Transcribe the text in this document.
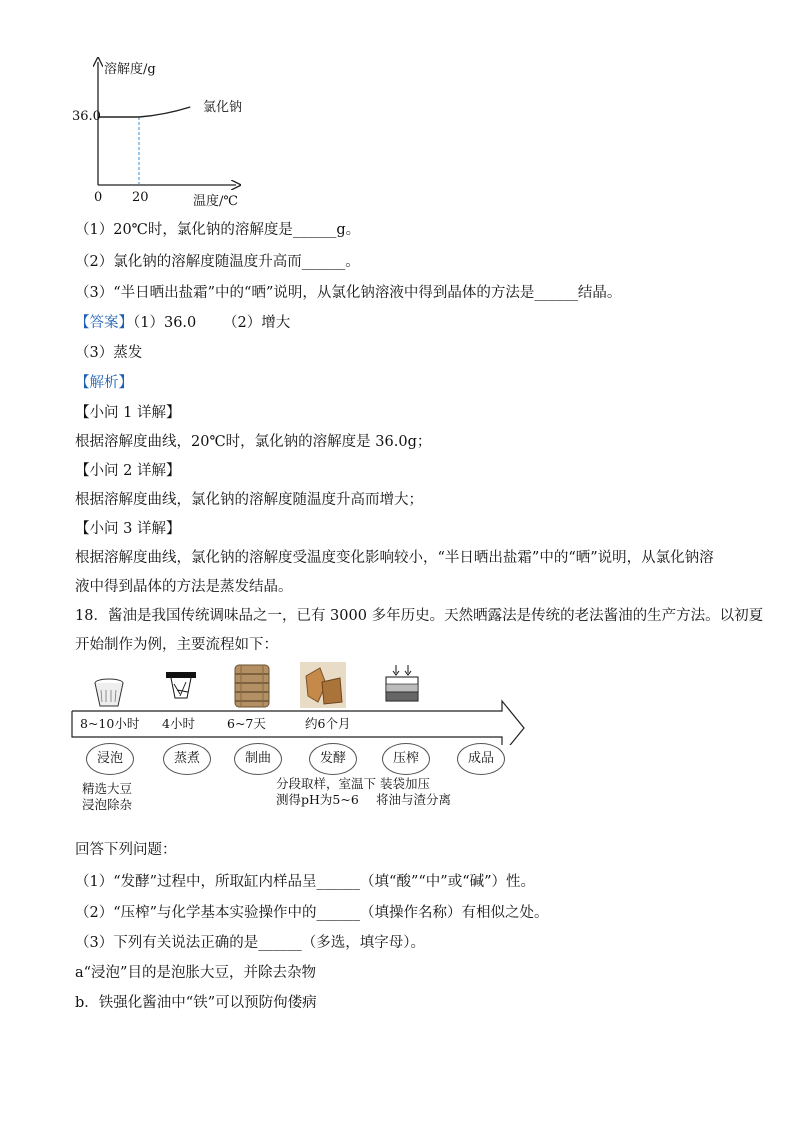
溶解度/g
36.0
氯化钠
0 20	温度/℃
（1）20℃时，氯化钠的溶解度是______g。
（2）氯化钠的溶解度随温度升高而______。
（3）“半日晒出盐霜”中的“晒”说明，从氯化钠溶液中得到晶体的方法是______结晶。
【答案】（1）36.0 （2）增大
（3）蒸发
【解析】
【小问 1 详解】
根据溶解度曲线，20℃时，氯化钠的溶解度是 36.0g；
【小问 2 详解】
根据溶解度曲线，氯化钠的溶解度随温度升高而增大；
【小问 3 详解】
根据溶解度曲线，氯化钠的溶解度受温度变化影响较小，“半日晒出盐霜”中的“晒”说明，从氯化钠溶
液中得到晶体的方法是蒸发结晶。
18．酱油是我国传统调味品之一，已有 3000 多年历史。天然晒露法是传统的老法酱油的生产方法。以初夏
开始制作为例，主要流程如下：
8~10小时 4小时	6~7天	约6个月
浸泡	蒸煮	制曲	发酵	压榨	成品
精选大豆
浸泡除杂
分段取样，室温下
测得pH为5~6
装袋加压
将油与渣分离
回答下列问题：
（1）“发酵”过程中，所取缸内样品呈______（填“酸”“中”或“碱”）性。
（2）“压榨”与化学基本实验操作中的______（填操作名称）有相似之处。
（3）下列有关说法正确的是______（多选，填字母）。
a“浸泡”目的是泡胀大豆，并除去杂物
b．铁强化酱油中“铁”可以预防佝偻病
